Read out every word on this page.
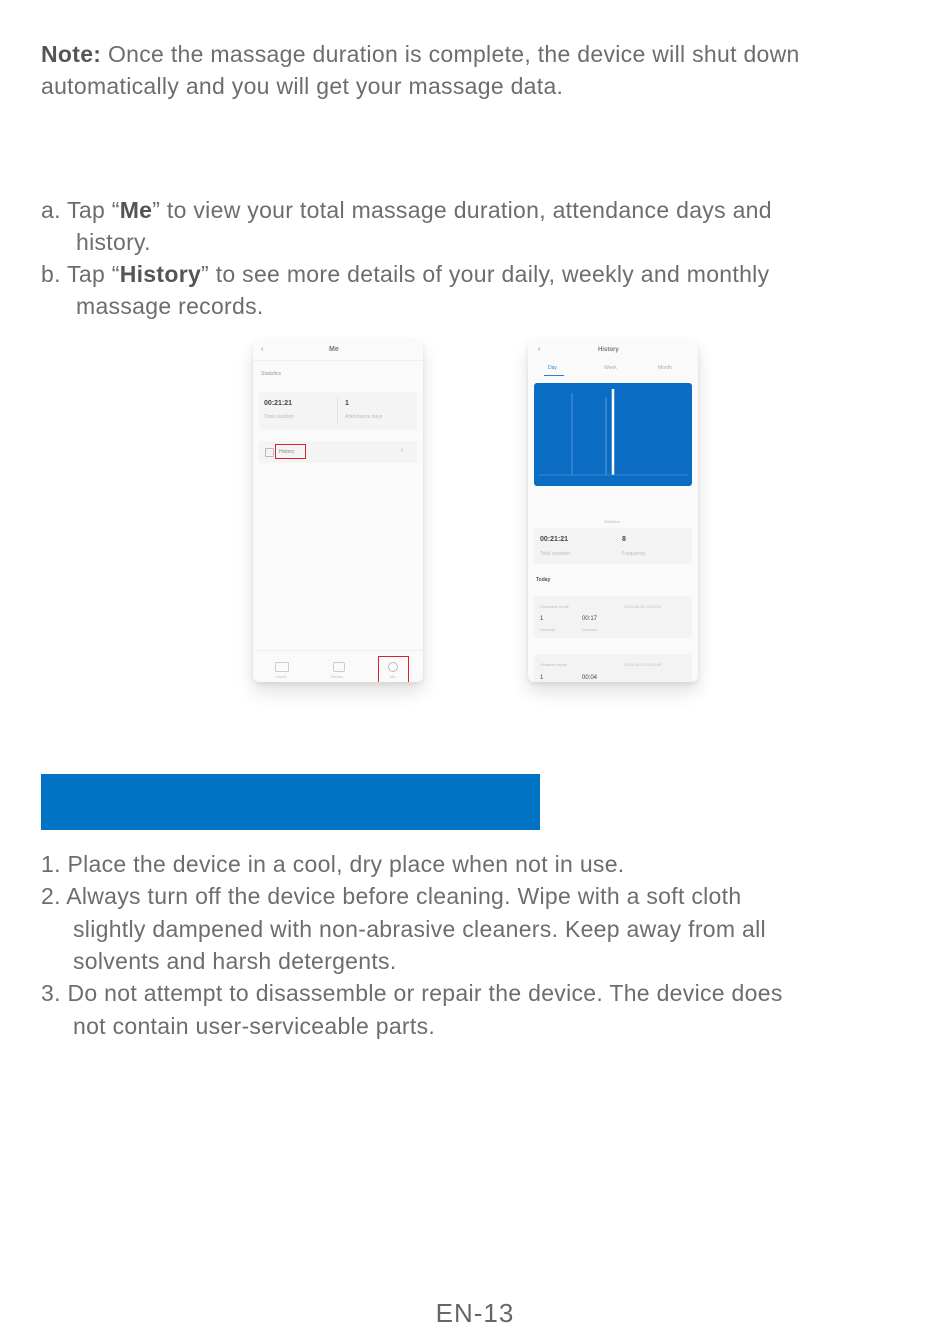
Note: Once the massage duration is complete, the device will shut down automatically and you will get your massage data.
a. Tap “Me” to view your total massage duration, attendance days and
history.
b. Tap “History” to see more details of your daily, weekly and monthly
massage records.
‹	Me
Statistics
00:21:21
Total duration
1
Attendance days
History	›
Home	Device	Me
‹	History
Day	Week	Month
Statistics
00:21:21
Total duration
8
Frequency
Today
Ultrasonic mode	2023-06-12 13:24:10
1	00:17
Intensity	Duration
Vibration mode	2023-06-12 13:18:40
1	00:04
1. Place the device in a cool, dry place when not in use.
2. Always turn off the device before cleaning. Wipe with a soft cloth
slightly dampened with non-abrasive cleaners. Keep away from all
solvents and harsh detergents.
3. Do not attempt to disassemble or repair the device. The device does
not contain user-serviceable parts.
EN-13
